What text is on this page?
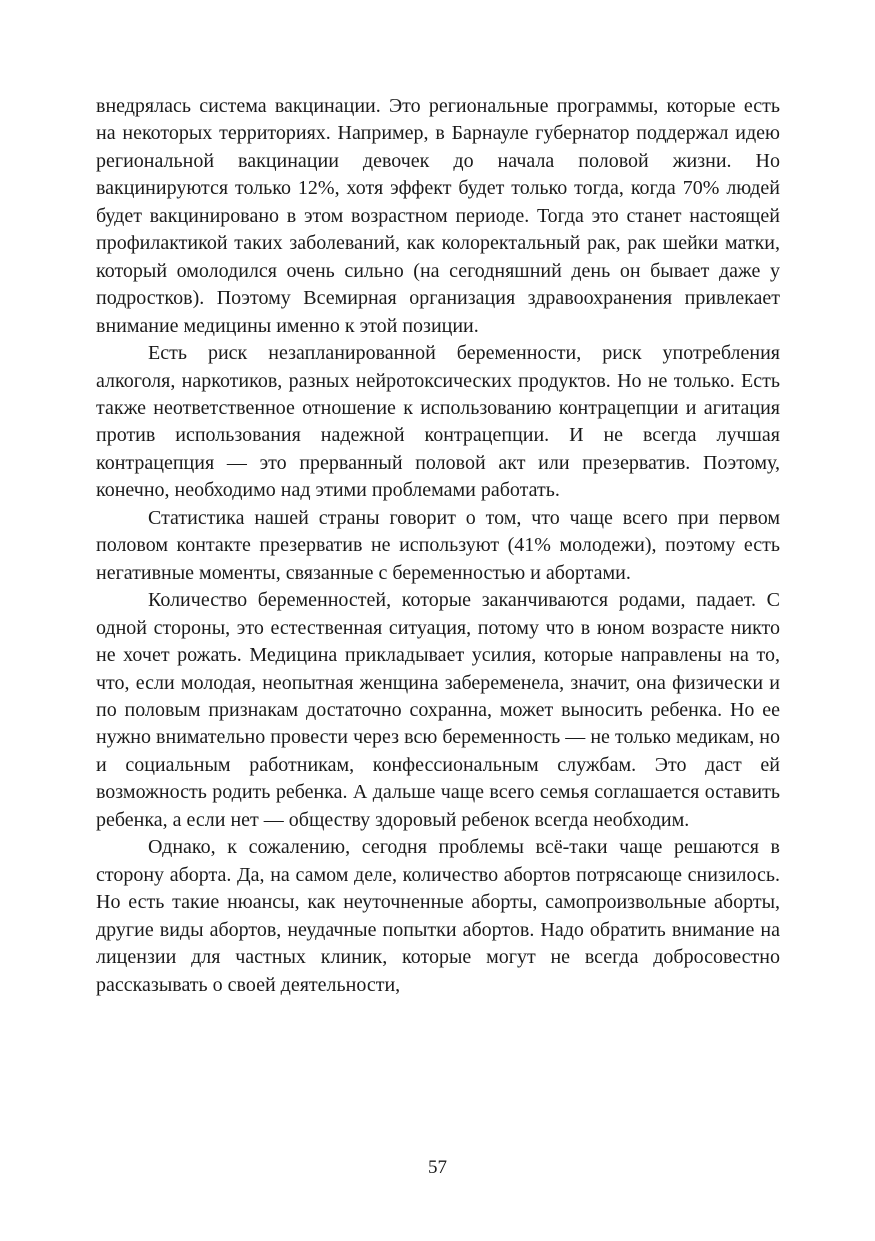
внедрялась система вакцинации. Это региональные программы, которые есть на некоторых территориях. Например, в Барнауле губернатор поддержал идею региональной вакцинации девочек до начала половой жизни. Но вакцинируются только 12%, хотя эффект будет только тогда, когда 70% людей будет вакцинировано в этом возрастном периоде. Тогда это станет настоящей профилактикой таких заболеваний, как колоректальный рак, рак шейки матки, который омолодился очень сильно (на сегодняшний день он бывает даже у подростков). Поэтому Всемирная организация здравоохранения привлекает внимание медицины именно к этой позиции.

Есть риск незапланированной беременности, риск употребления алкоголя, наркотиков, разных нейротоксических продуктов. Но не только. Есть также неответственное отношение к использованию контрацепции и агитация против использования надежной контрацепции. И не всегда лучшая контрацепция — это прерванный половой акт или презерватив. Поэтому, конечно, необходимо над этими проблемами работать.

Статистика нашей страны говорит о том, что чаще всего при первом половом контакте презерватив не используют (41% молодежи), поэтому есть негативные моменты, связанные с беременностью и абортами.

Количество беременностей, которые заканчиваются родами, падает. С одной стороны, это естественная ситуация, потому что в юном возрасте никто не хочет рожать. Медицина прикладывает усилия, которые направлены на то, что, если молодая, неопытная женщина забеременела, значит, она физически и по половым признакам достаточно сохранна, может выносить ребенка. Но ее нужно внимательно провести через всю беременность — не только медикам, но и социальным работникам, конфессиональным службам. Это даст ей возможность родить ребенка. А дальше чаще всего семья соглашается оставить ребенка, а если нет — обществу здоровый ребенок всегда необходим.

Однако, к сожалению, сегодня проблемы всё-таки чаще решаются в сторону аборта. Да, на самом деле, количество абортов потрясающе снизилось. Но есть такие нюансы, как неуточненные аборты, самопроизвольные аборты, другие виды абортов, неудачные попытки абортов. Надо обратить внимание на лицензии для частных клиник, которые могут не всегда добросовестно рассказывать о своей деятельности,

57
